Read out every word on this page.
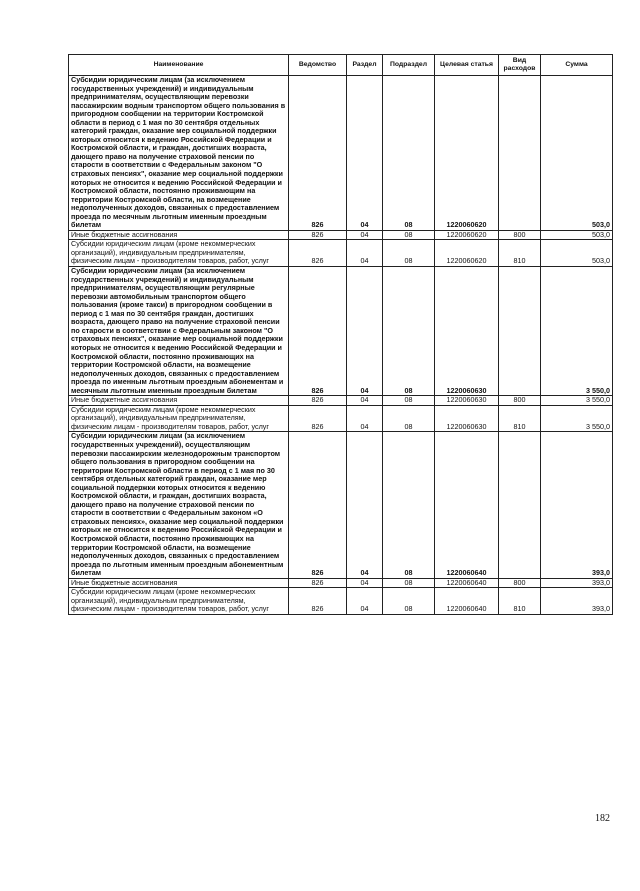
Наименование	Ведомство	Раздел	Подраздел	Целевая статья	Вид расходов	Сумма
Субсидии юридическим лицам (за исключением государственных учреждений) и индивидуальным предпринимателям, осуществляющим перевозки пассажирским водным транспортом общего пользования в пригородном сообщении на территории Костромской области в период с 1 мая по 30 сентября отдельных категорий граждан, оказание мер социальной поддержки которых относится к ведению Российской Федерации и Костромской области, и граждан, достигших возраста, дающего право на получение страховой пенсии по старости в соответствии с Федеральным законом "О страховых пенсиях", оказание мер социальной поддержки которых не относится к ведению Российской Федерации и Костромской области, постоянно проживающим на территории Костромской области, на возмещение недополученных доходов, связанных с предоставлением проезда по месячным льготным именным проездным билетам	826	04	08	1220060620		503,0
Иные бюджетные ассигнования	826	04	08	1220060620	800	503,0
Субсидии юридическим лицам (кроме некоммерческих организаций), индивидуальным предпринимателям, физическим лицам - производителям товаров, работ, услуг	826	04	08	1220060620	810	503,0
Субсидии юридическим лицам (за исключением государственных учреждений) и индивидуальным предпринимателям, осуществляющим регулярные перевозки автомобильным транспортом общего пользования (кроме такси) в пригородном сообщении в период с 1 мая по 30 сентября граждан, достигших возраста, дающего право на получение страховой пенсии по старости в соответствии с Федеральным законом "О страховых пенсиях", оказание мер социальной поддержки которых не относится к ведению Российской Федерации и Костромской области, постоянно проживающих на территории Костромской области, на возмещение недополученных доходов, связанных с предоставлением проезда по именным льготным проездным абонементам и месячным льготным именным проездным билетам	826	04	08	1220060630		3 550,0
Иные бюджетные ассигнования	826	04	08	1220060630	800	3 550,0
Субсидии юридическим лицам (кроме некоммерческих организаций), индивидуальным предпринимателям, физическим лицам - производителям товаров, работ, услуг	826	04	08	1220060630	810	3 550,0
Субсидии юридическим лицам (за исключением государственных учреждений), осуществляющим перевозки пассажирским железнодорожным транспортом общего пользования в пригородном сообщении на территории Костромской области в период с 1 мая по 30 сентября отдельных категорий граждан, оказание мер социальной поддержки которых относится к ведению Костромской области, и граждан, достигших возраста, дающего право на получение страховой пенсии по старости в соответствии с Федеральным законом «О страховых пенсиях», оказание мер социальной поддержки которых не относится к ведению Российской Федерации и Костромской области, постоянно проживающих на территории Костромской области, на возмещение недополученных доходов, связанных с предоставлением проезда по льготным именным проездным абонементным билетам	826	04	08	1220060640		393,0
Иные бюджетные ассигнования	826	04	08	1220060640	800	393,0
Субсидии юридическим лицам (кроме некоммерческих организаций), индивидуальным предпринимателям, физическим лицам - производителям товаров, работ, услуг	826	04	08	1220060640	810	393,0
182
